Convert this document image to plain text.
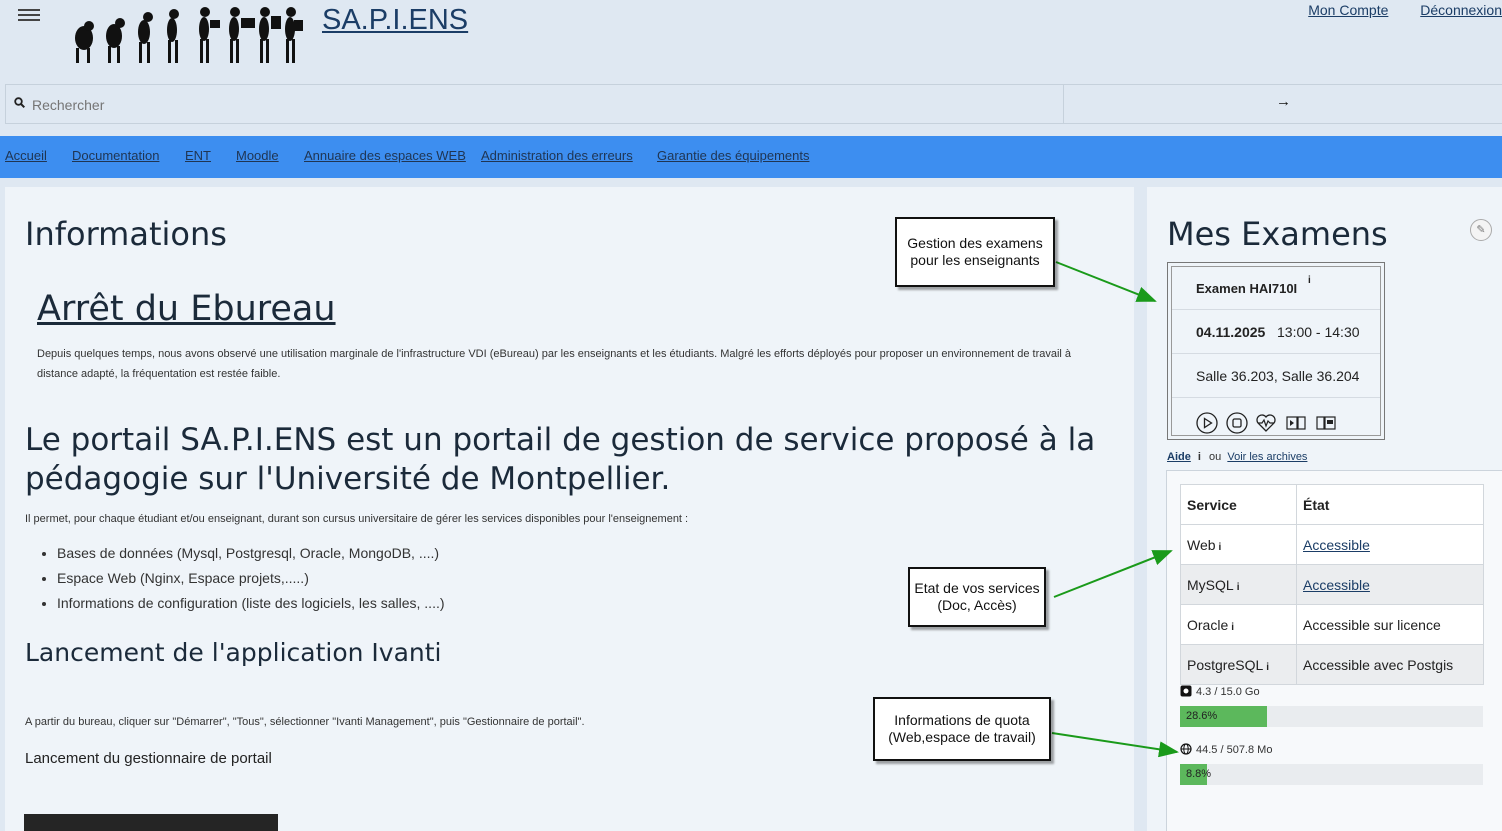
SA.P.I.ENS	Mon Compte Déconnexion
Rechercher
→
Accueil Documentation ENT Moodle Annuaire des espaces WEB Administration des erreurs Garantie des équipements
Informations
Arrêt du Ebureau
Depuis quelques temps, nous avons observé une utilisation marginale de l'infrastructure VDI (eBureau) par les enseignants et les étudiants. Malgré les efforts déployés pour proposer un environnement de travail à distance adapté, la fréquentation est restée faible.
Le portail SA.P.I.ENS est un portail de gestion de service proposé à la pédagogie sur l'Université de Montpellier.
Il permet, pour chaque étudiant et/ou enseignant, durant son cursus universitaire de gérer les services disponibles pour l'enseignement :
• Bases de données (Mysql, Postgresql, Oracle, MongoDB, ....)
• Espace Web (Nginx, Espace projets,.....)
• Informations de configuration (liste des logiciels, les salles, ....)
Lancement de l'application Ivanti
A partir du bureau, cliquer sur "Démarrer", "Tous", sélectionner "Ivanti Management", puis "Gestionnaire de portail".
Lancement du gestionnaire de portail
Mes Examens	✎
Examen HAI710I
i
04.11.2025 13:00 - 14:30
Salle 36.203, Salle 36.204
Aide i ou Voir les archives
Service	État
Web i	Accessible
MySQL i	Accessible
Oracle i	Accessible sur licence
PostgreSQL i	Accessible avec Postgis
4.3 / 15.0 Go
28.6%
44.5 / 507.8 Mo
8.8%
Gestion des examens pour les enseignants
Etat de vos services (Doc, Accès)
Informations de quota (Web,espace de travail)
